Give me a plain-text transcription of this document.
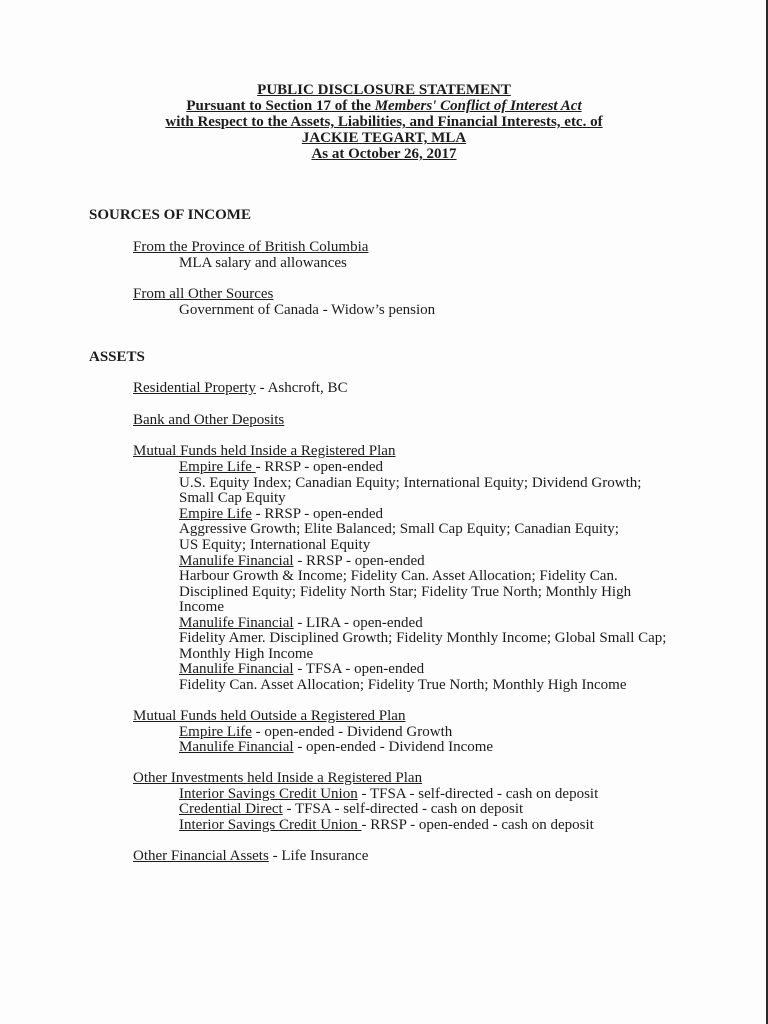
PUBLIC DISCLOSURE STATEMENT
Pursuant to Section 17 of the Members' Conflict of Interest Act
with Respect to the Assets, Liabilities, and Financial Interests, etc. of
JACKIE TEGART, MLA
As at October 26, 2017
SOURCES OF INCOME
From the Province of British Columbia
MLA salary and allowances
From all Other Sources
Government of Canada - Widow’s pension
ASSETS
Residential Property - Ashcroft, BC
Bank and Other Deposits
Mutual Funds held Inside a Registered Plan
Empire Life - RRSP - open-ended
U.S. Equity Index; Canadian Equity; International Equity; Dividend Growth;
Small Cap Equity
Empire Life - RRSP - open-ended
Aggressive Growth; Elite Balanced; Small Cap Equity; Canadian Equity;
US Equity; International Equity
Manulife Financial - RRSP - open-ended
Harbour Growth & Income; Fidelity Can. Asset Allocation; Fidelity Can.
Disciplined Equity; Fidelity North Star; Fidelity True North; Monthly High
Income
Manulife Financial - LIRA - open-ended
Fidelity Amer. Disciplined Growth; Fidelity Monthly Income; Global Small Cap;
Monthly High Income
Manulife Financial - TFSA - open-ended
Fidelity Can. Asset Allocation; Fidelity True North; Monthly High Income
Mutual Funds held Outside a Registered Plan
Empire Life - open-ended - Dividend Growth
Manulife Financial - open-ended - Dividend Income
Other Investments held Inside a Registered Plan
Interior Savings Credit Union - TFSA - self-directed - cash on deposit
Credential Direct - TFSA - self-directed - cash on deposit
Interior Savings Credit Union - RRSP - open-ended - cash on deposit
Other Financial Assets - Life Insurance
